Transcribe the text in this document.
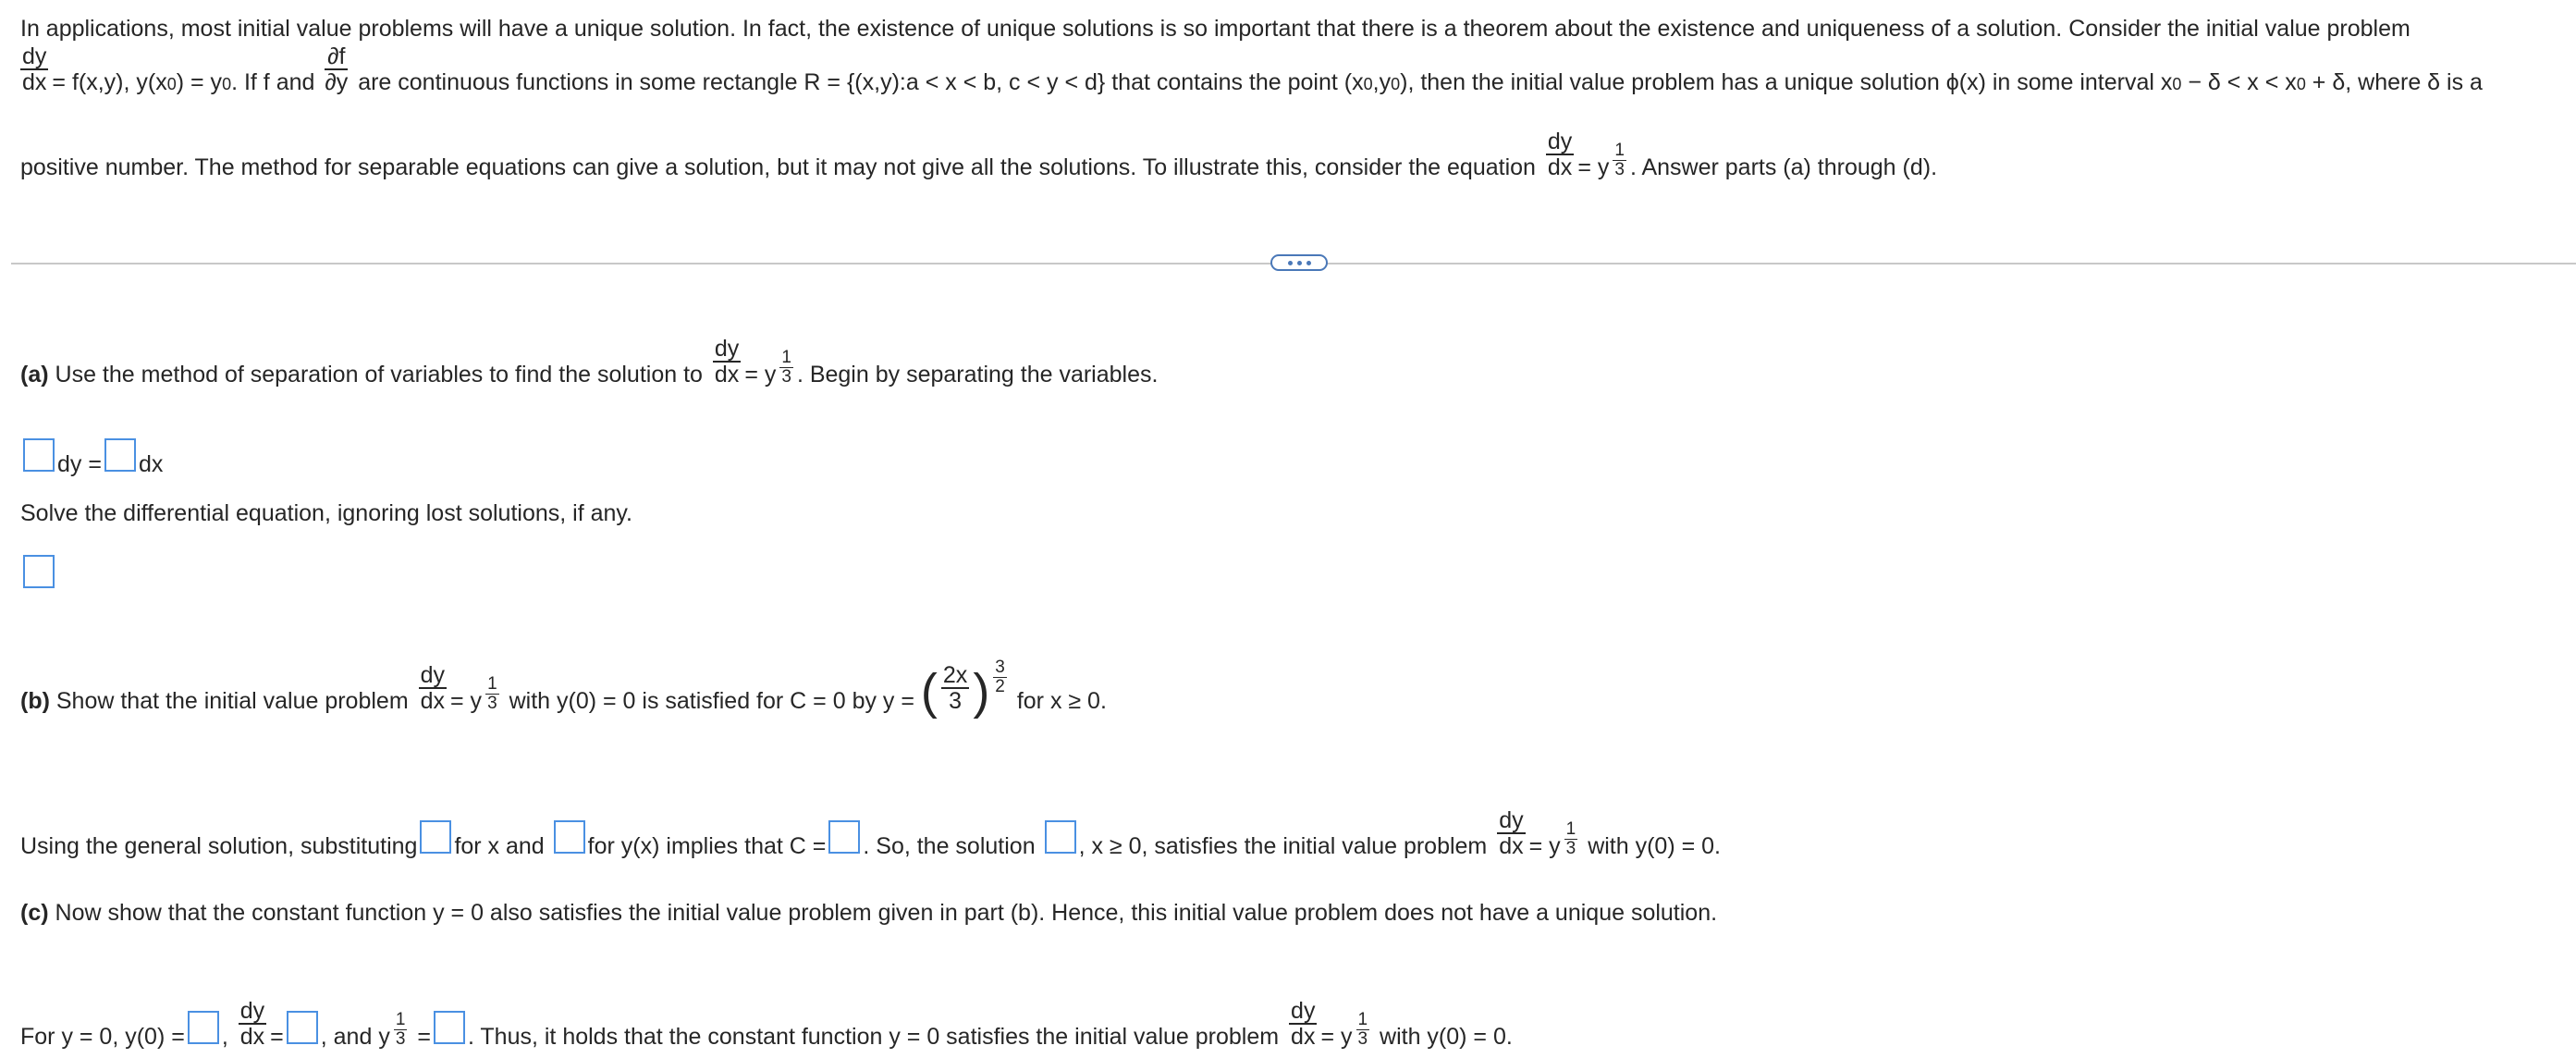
In applications, most initial value problems will have a unique solution. In fact, the existence of unique solutions is so important that there is a theorem about the existence and uniqueness of a solution. Consider the initial value problem
$\frac{dy}{dx} = f(x,y)$, y(x0) = y0. If f and $\frac{\partial f}{\partial y}$ are continuous functions in some rectangle R = {(x,y):a < x < b, c < y < d} that contains the point (x0,y0), then the initial value problem has a unique solution ϕ(x) in some interval x0 − δ < x < x0 + δ, where δ is a
positive number. The method for separable equations can give a solution, but it may not give all the solutions. To illustrate this, consider the equation $\frac{dy}{dx} = y \frac{1}{3}$ . Answer parts (a) through (d).
(a) Use the method of separation of variables to find the solution to $\frac{dy}{dx} = y \frac{1}{3}$ . Begin by separating the variables.
dy = dx
Solve the differential equation, ignoring lost solutions, if any.
(b) Show that the initial value problem $\frac{dy}{dx} = y \frac{1}{3}$ with y(0) = 0 is satisfied for C = 0 by y = ( $\frac{2x}{3}$ ) $\frac{3}{2}$
for x ≥ 0.
Using the general solution, substituting for x and for y(x) implies that C = . So, the solution , x ≥ 0, satisfies the initial value problem $\frac{dy}{dx} = y \frac{1}{3}$ with y(0) = 0.
(c) Now show that the constant function y = 0 also satisfies the initial value problem given in part (b). Hence, this initial value problem does not have a unique solution.
For y = 0, y(0) = , $\frac{dy}{dx}$ = , and y $\frac{1}{3}$ = . Thus, it holds that the constant function y = 0 satisfies the initial value problem $\frac{dy}{dx} = y \frac{1}{3}$ with y(0) = 0.
